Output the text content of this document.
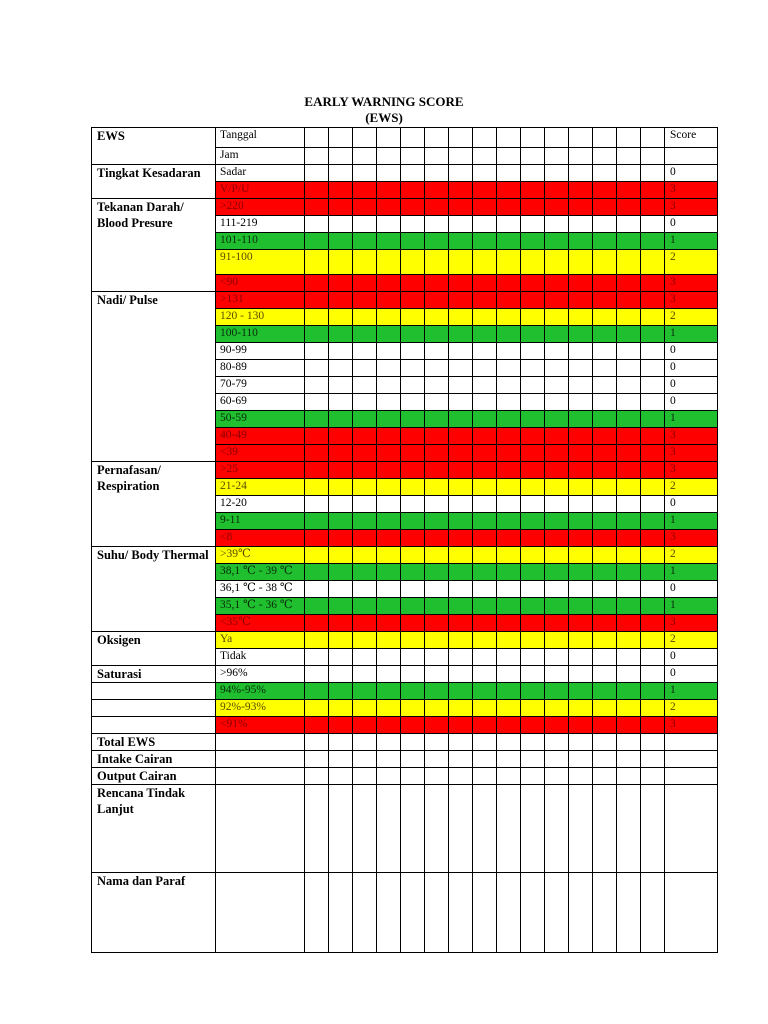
EARLY WARNING SCORE
(EWS)
EWS	Tanggal																Score
	Jam																
Tingkat Kesadaran	Sadar																0
	V/P/U																3
Tekanan Darah/ Blood Presure	>220																3
	111-219																0
	101-110																1
	91-100																2
	<90																3
Nadi/ Pulse	>131																3
	120 - 130																2
	100-110																1
	90-99																0
	80-89																0
	70-79																0
	60-69																0
	50-59																1
	40-49																3
	<39																3
Pernafasan/ Respiration	>25																3
	21-24																2
	12-20																0
	9-11																1
	<8																3
Suhu/ Body Thermal	>39℃																2
	38,1 ℃ - 39 ℃																1
	36,1 ℃ - 38 ℃																0
	35,1 ℃ - 36 ℃																1
	<35℃																3
Oksigen	Ya																2
	Tidak																0
Saturasi	>96%																0
	94%-95%																1
	92%-93%																2
	<91%																3
Total EWS																	
Intake Cairan																	
Output Cairan																	
Rencana Tindak Lanjut																	
Nama dan Paraf																	
